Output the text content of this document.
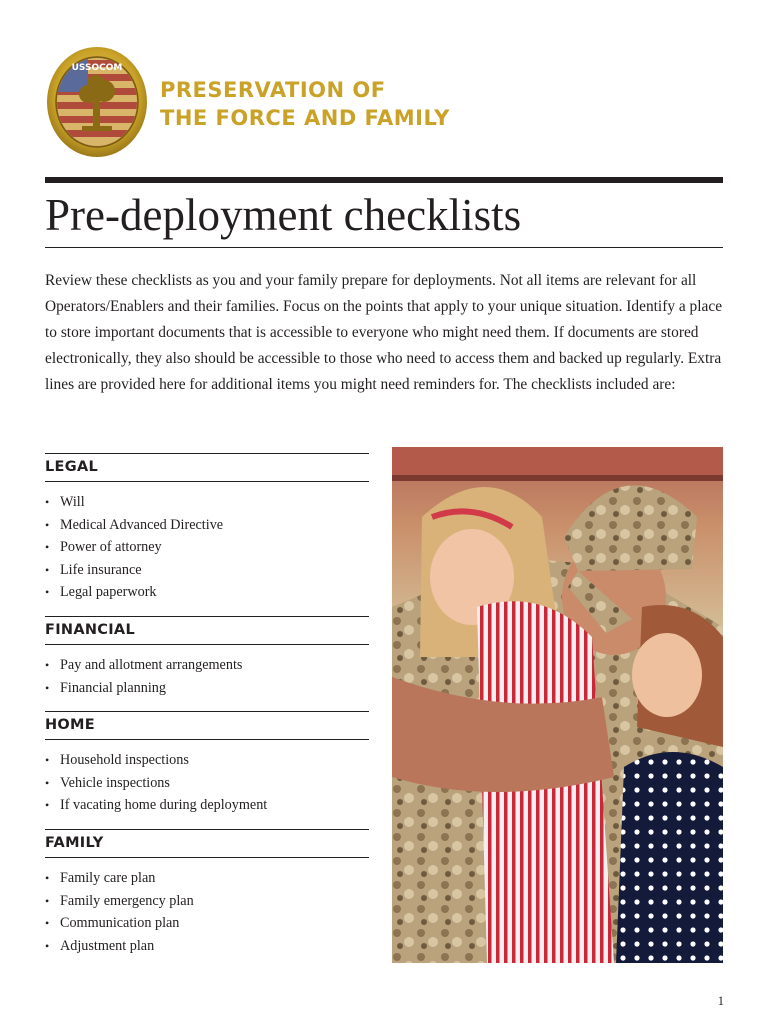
USSOCOM
PRESERVATION OF
THE FORCE AND FAMILY
Pre-deployment checklists

Review these checklists as you and your family prepare for deployments. Not all items are relevant for all Operators/Enablers and their families. Focus on the points that apply to your unique situation. Identify a place to store important documents that is accessible to everyone who might need them. If documents are stored electronically, they also should be accessible to those who need to access them and backed up regularly. Extra lines are provided here for additional items you might need reminders for. The checklists included are:

LEGAL
• Will
• Medical Advanced Directive
• Power of attorney
• Life insurance
• Legal paperwork
FINANCIAL
• Pay and allotment arrangements
• Financial planning
HOME
• Household inspections
• Vehicle inspections
• If vacating home during deployment
FAMILY
• Family care plan
• Family emergency plan
• Communication plan
• Adjustment plan
1
